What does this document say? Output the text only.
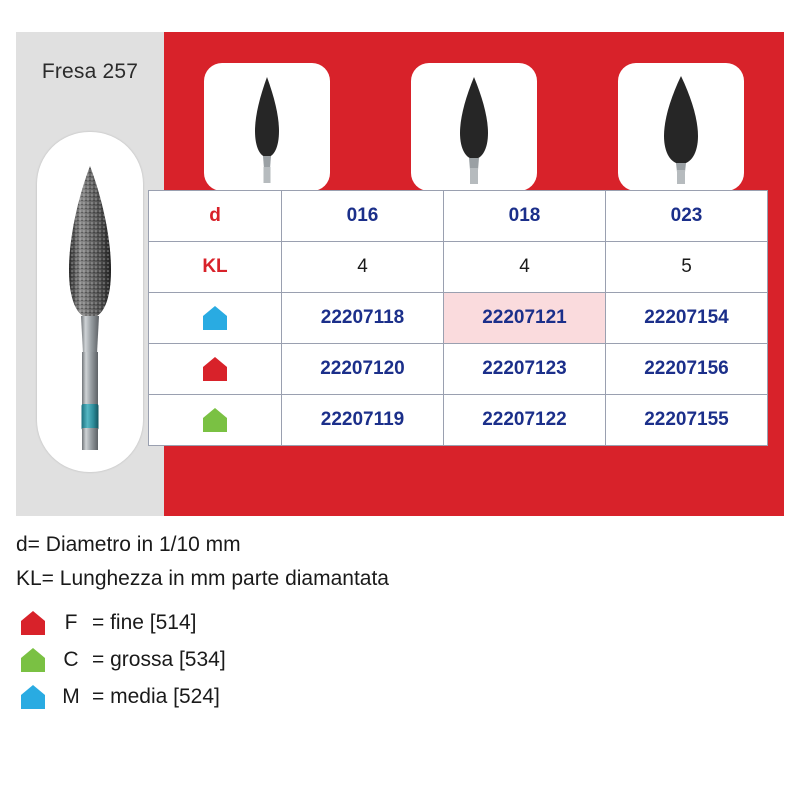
Fresa 257
d	016	018	023
KL	4	4	5
	22207118	22207121	22207154
	22207120	22207123	22207156
	22207119	22207122	22207155
d= Diametro in 1/10 mm
KL= Lunghezza in mm parte diamantata
F = fine [514]
C = grossa [534]
M = media [524]
